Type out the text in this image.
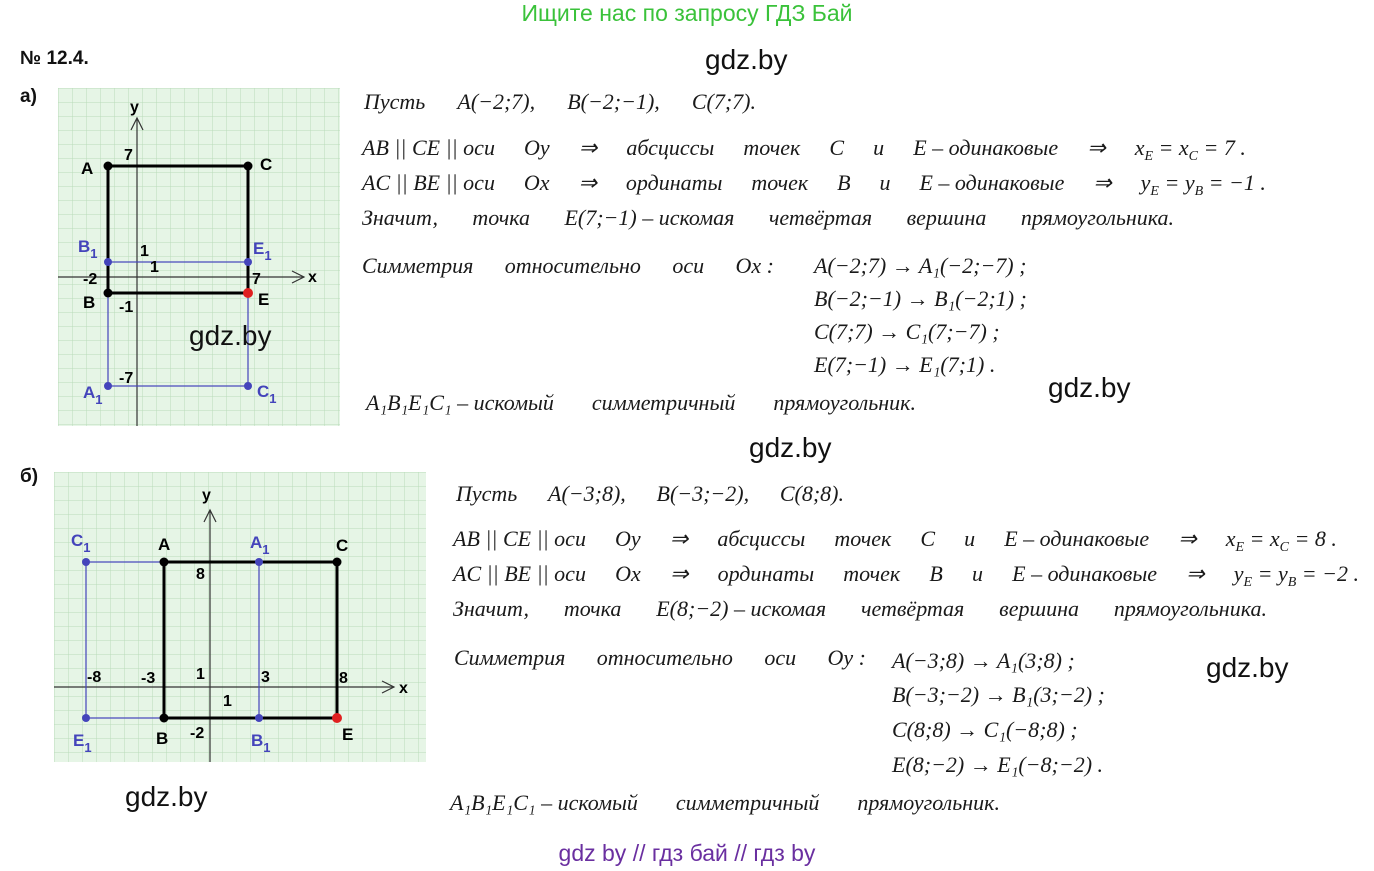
Ищите нас по запросу ГДЗ Бай
№ 12.4.	gdz.by
gdz.by
gdz.by
gdz.by
gdz.by
а)
y
x
A	C
B	E
$B_1$	$E_1$
$A_1$	$C_1$
7
1
1
-2	7
-1
-7
gdz.by
Пусть A(−2;7), B(−2;−1), C(7;7).
AB || CE || оси Oy ⇒ абсциссы точек C и E – одинаковые ⇒ $x_E = x_C = 7$ .
AC || BE || оси Ox ⇒ ординаты точек B и E – одинаковые ⇒ $y_E = y_B = -1$ .
Значит, точка E(7;−1) – искомая четвёртая вершина прямоугольника.
Симметрия относительно оси Ox : A(−2;7) → A₁(−2;−7) ;
B(−2;−1) → B₁(−2;1) ;
C(7;7) → C₁(7;−7) ;
E(7;−1) → E₁(7;1) .
A₁B₁E₁C₁ – искомый симметричный прямоугольник.
б)
y
x
A	C
B	E
$C_1$	$A_1$
$E_1$	$B_1$
8
1
1
-8 -3	3	8
-2
Пусть A(−3;8), B(−3;−2), C(8;8).
AB || CE || оси Oy ⇒ абсциссы точек C и E – одинаковые ⇒ $x_E = x_C = 8$ .
AC || BE || оси Ox ⇒ ординаты точек B и E – одинаковые ⇒ $y_E = y_B = -2$ .
Значит, точка E(8;−2) – искомая четвёртая вершина прямоугольника.
Симметрия относительно оси Oy : A(−3;8) → A₁(3;8) ;
B(−3;−2) → B₁(3;−2) ;
C(8;8) → C₁(−8;8) ;
E(8;−2) → E₁(−8;−2) .
A₁B₁E₁C₁ – искомый симметричный прямоугольник.
gdz by // гдз бай // гдз by
